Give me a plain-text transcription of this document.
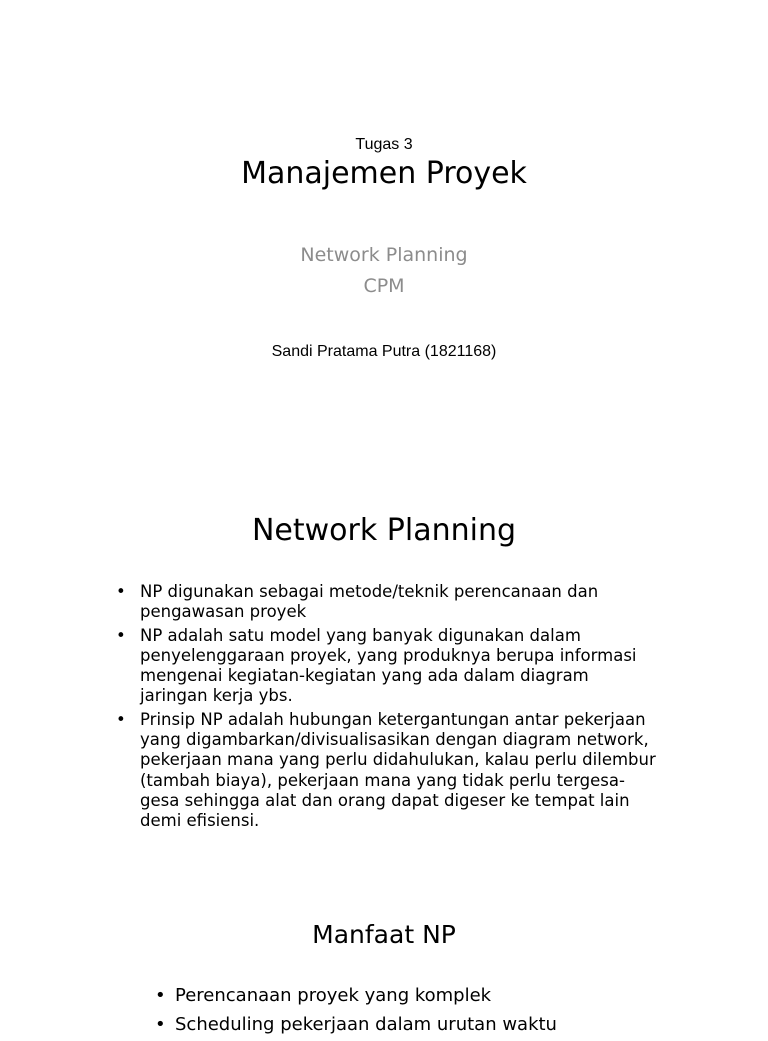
Tugas 3
Manajemen Proyek
Network Planning
CPM
Sandi Pratama Putra (1821168)
Network Planning
• NP digunakan sebagai metode/teknik perencanaan dan pengawasan proyek
• NP adalah satu model yang banyak digunakan dalam penyelenggaraan proyek, yang produknya berupa informasi mengenai kegiatan-kegiatan yang ada dalam diagram jaringan kerja ybs.
• Prinsip NP adalah hubungan ketergantungan antar pekerjaan yang digambarkan/divisualisasikan dengan diagram network, pekerjaan mana yang perlu didahulukan, kalau perlu dilembur (tambah biaya), pekerjaan mana yang tidak perlu tergesa-gesa sehingga alat dan orang dapat digeser ke tempat lain demi efisiensi.
Manfaat NP
• Perencanaan proyek yang komplek
• Scheduling pekerjaan dalam urutan waktu
